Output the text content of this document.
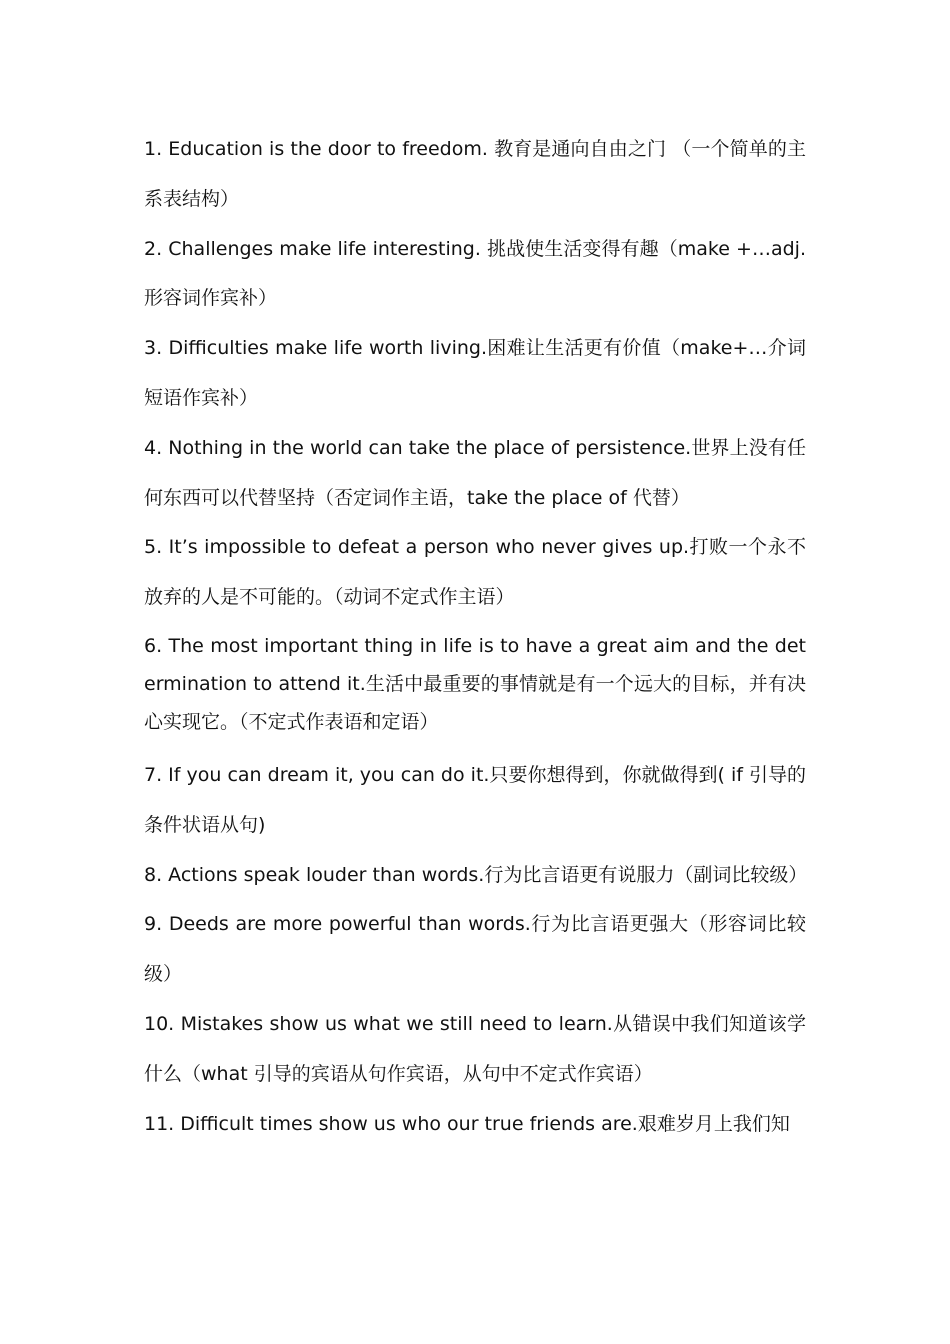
1. Education is the door to freedom. 教育是通向自由之门 （一个简单的主系表结构）

2. Challenges make life interesting. 挑战使生活变得有趣（make +…adj. 形容词作宾补）

3. Difficulties make life worth living.困难让生活更有价值（make+…介词短语作宾补）

4. Nothing in the world can take the place of persistence.世界上没有任何东西可以代替坚持（否定词作主语，take the place of 代替）

5. It’s impossible to defeat a person who never gives up.打败一个永不放弃的人是不可能的。（动词不定式作主语）

6. The most important thing in life is to have a great aim and the determination to attend it.生活中最重要的事情就是有一个远大的目标，并有决心实现它。（不定式作表语和定语）

7. If you can dream it, you can do it.只要你想得到，你就做得到( if 引导的条件状语从句)

8. Actions speak louder than words.行为比言语更有说服力（副词比较级）

9. Deeds are more powerful than words.行为比言语更强大（形容词比较级）

10. Mistakes show us what we still need to learn.从错误中我们知道该学什么（what 引导的宾语从句作宾语，从句中不定式作宾语）

11. Difficult times show us who our true friends are.艰难岁月上我们知
